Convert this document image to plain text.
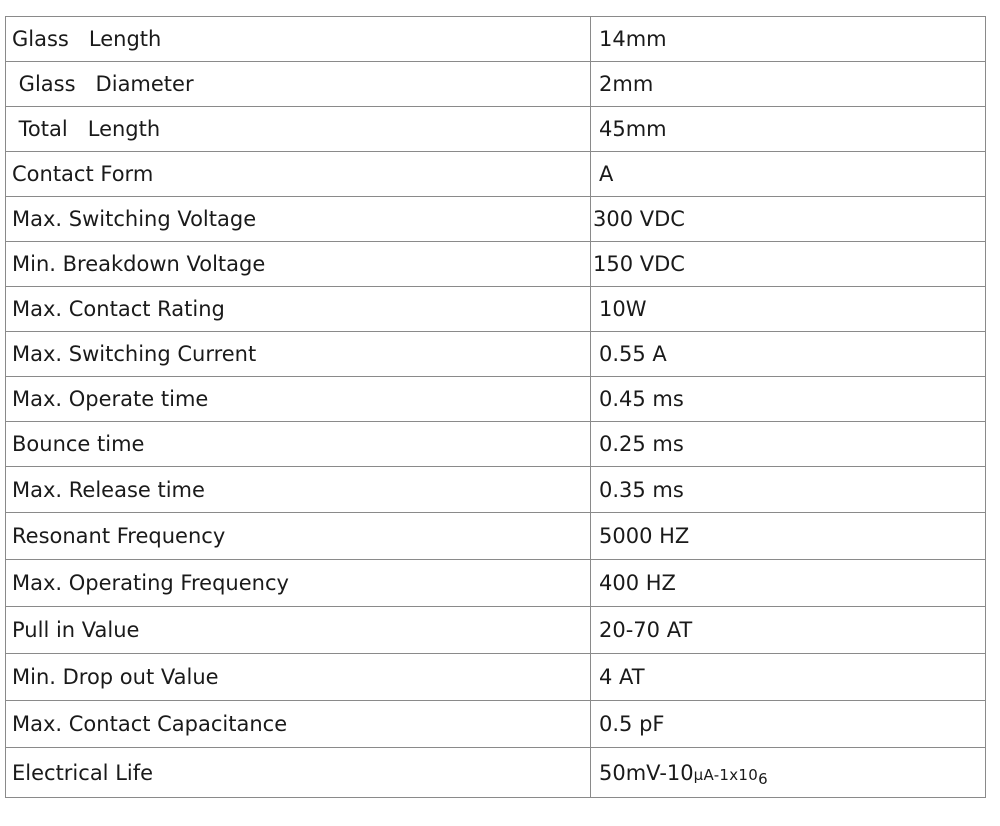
Glass   Length	14mm
Glass   Diameter	2mm
Total   Length	45mm
Contact Form	A
Max. Switching Voltage	300 VDC
Min. Breakdown Voltage	150 VDC
Max. Contact Rating	10W
Max. Switching Current	0.55 A
Max. Operate time	0.45 ms
Bounce time	0.25 ms
Max. Release time	0.35 ms
Resonant Frequency	5000 HZ
Max. Operating Frequency	400 HZ
Pull in Value	20-70 AT
Min. Drop out Value	4 AT
Max. Contact Capacitance	0.5 pF
Electrical Life	50mV-10μA-1x106
